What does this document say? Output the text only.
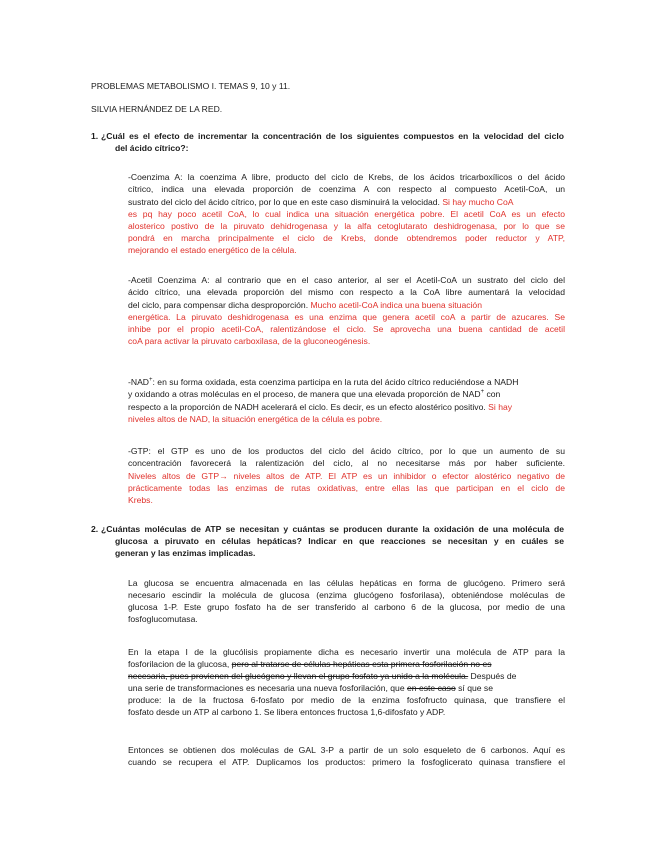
PROBLEMAS METABOLISMO I. TEMAS 9, 10 y 11.
SILVIA HERNÁNDEZ DE LA RED.
1. ¿Cuál es el efecto de incrementar la concentración de los siguientes compuestos en la velocidad del ciclo
del ácido cítrico?:
-Coenzima A: la coenzima A libre, producto del ciclo de Krebs, de los ácidos tricarboxílicos o del ácido
cítrico, indica una elevada proporción de coenzima A con respecto al compuesto Acetil-CoA, un
sustrato del ciclo del ácido cítrico, por lo que en este caso disminuirá la velocidad. Si hay mucho CoA
es pq hay poco acetil CoA, lo cual indica una situación energética pobre. El acetil CoA es un efecto
alosterico postivo de la piruvato dehidrogenasa y la alfa cetoglutarato deshidrogenasa, por lo que se
pondrá en marcha principalmente el ciclo de Krebs, donde obtendremos poder reductor y ATP,
mejorando el estado energético de la célula.
-Acetil Coenzima A: al contrario que en el caso anterior, al ser el Acetil-CoA un sustrato del ciclo del
ácido cítrico, una elevada proporción del mismo con respecto a la CoA libre aumentará la velocidad
del ciclo, para compensar dicha desproporción. Mucho acetil-CoA indica una buena situación
energética. La piruvato deshidrogenasa es una enzima que genera acetil coA a partir de azucares. Se
inhibe por el propio acetil-CoA, ralentizándose el ciclo. Se aprovecha una buena cantidad de acetil
coA para activar la piruvato carboxilasa, de la gluconeogénesis.
-NAD+: en su forma oxidada, esta coenzima participa en la ruta del ácido cítrico reduciéndose a NADH
y oxidando a otras moléculas en el proceso, de manera que una elevada proporción de NAD+ con
respecto a la proporción de NADH acelerará el ciclo. Es decir, es un efecto alostérico positivo. Si hay
niveles altos de NAD, la situación energética de la célula es pobre.
-GTP: el GTP es uno de los productos del ciclo del ácido cítrico, por lo que un aumento de su
concentración favorecerá la ralentización del ciclo, al no necesitarse más por haber suficiente.
Niveles altos de GTP→ niveles altos de ATP. El ATP es un inhibidor o efector alostérico negativo de
prácticamente todas las enzimas de rutas oxidativas, entre ellas las que participan en el ciclo de
Krebs.
2. ¿Cuántas moléculas de ATP se necesitan y cuántas se producen durante la oxidación de una molécula de
glucosa a piruvato en células hepáticas? Indicar en que reacciones se necesitan y en cuáles se
generan y las enzimas implicadas.
La glucosa se encuentra almacenada en las células hepáticas en forma de glucógeno. Primero será
necesario escindir la molécula de glucosa (enzima glucógeno fosforilasa), obteniéndose moléculas de
glucosa 1-P. Este grupo fosfato ha de ser transferido al carbono 6 de la glucosa, por medio de una
fosfoglucomutasa.
En la etapa I de la glucólisis propiamente dicha es necesario invertir una molécula de ATP para la
fosforilacion de la glucosa, pero al tratarse de células hepáticas esta primera fosforilación no es
necesaria, pues provienen del glucógeno y llevan el grupo fosfato ya unido a la molécula. Después de
una serie de transformaciones es necesaria una nueva fosforilación, que en este caso sí que se
produce: la de la fructosa 6-fosfato por medio de la enzima fosfofructo quinasa, que transfiere el
fosfato desde un ATP al carbono 1. Se libera entonces fructosa 1,6-difosfato y ADP.
Entonces se obtienen dos moléculas de GAL 3-P a partir de un solo esqueleto de 6 carbonos. Aquí es
cuando se recupera el ATP. Duplicamos los productos: primero la fosfoglicerato quinasa transfiere el
